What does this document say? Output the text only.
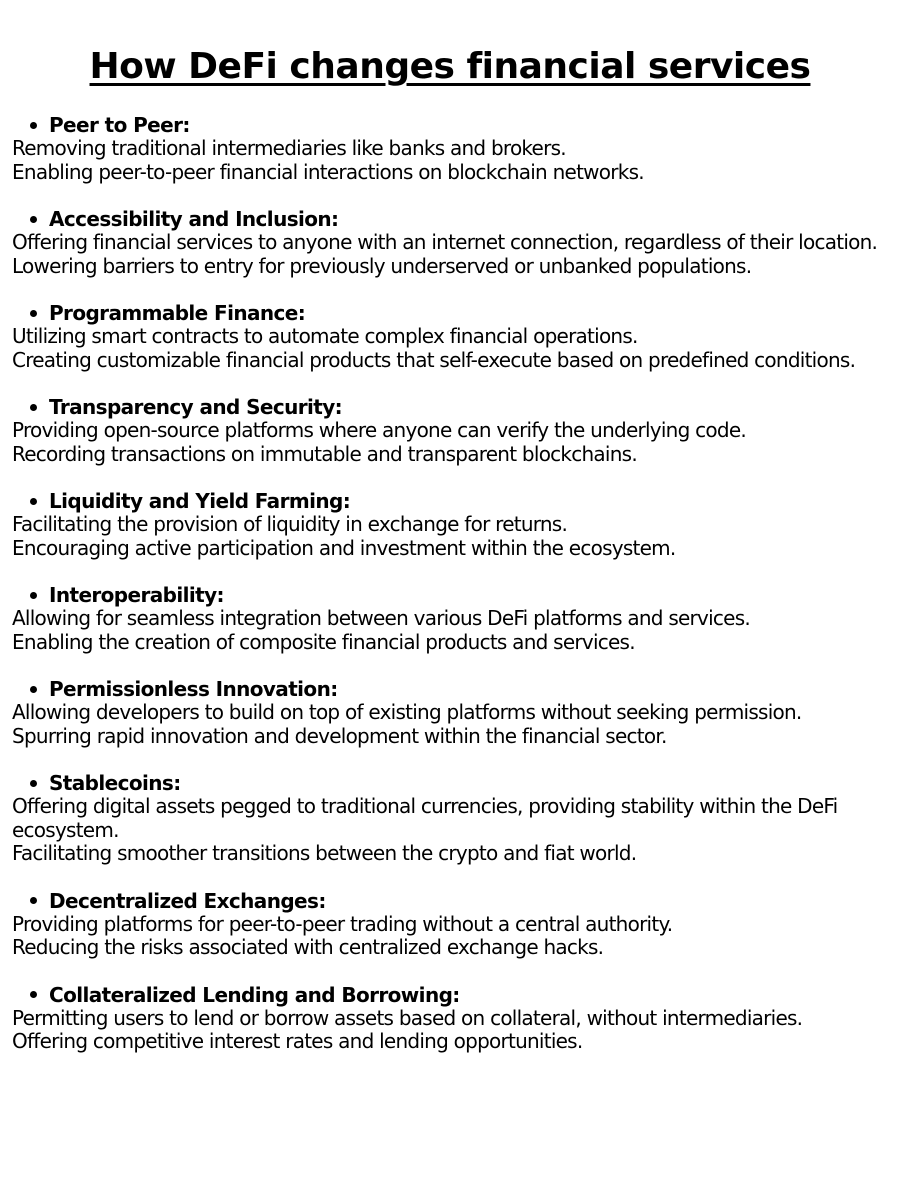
How DeFi changes financial services
Peer to Peer:

Removing traditional intermediaries like banks and brokers.

Enabling peer-to-peer financial interactions on blockchain networks.

Accessibility and Inclusion:

Offering financial services to anyone with an internet connection, regardless of their location.

Lowering barriers to entry for previously underserved or unbanked populations.

Programmable Finance:

Utilizing smart contracts to automate complex financial operations.

Creating customizable financial products that self-execute based on predefined conditions.

Transparency and Security:

Providing open-source platforms where anyone can verify the underlying code.

Recording transactions on immutable and transparent blockchains.

Liquidity and Yield Farming:

Facilitating the provision of liquidity in exchange for returns.

Encouraging active participation and investment within the ecosystem.

Interoperability:

Allowing for seamless integration between various DeFi platforms and services.

Enabling the creation of composite financial products and services.

Permissionless Innovation:

Allowing developers to build on top of existing platforms without seeking permission.

Spurring rapid innovation and development within the financial sector.

Stablecoins:

Offering digital assets pegged to traditional currencies, providing stability within the DeFi ecosystem.

Facilitating smoother transitions between the crypto and fiat world.

Decentralized Exchanges:

Providing platforms for peer-to-peer trading without a central authority.

Reducing the risks associated with centralized exchange hacks.

Collateralized Lending and Borrowing:

Permitting users to lend or borrow assets based on collateral, without intermediaries.

Offering competitive interest rates and lending opportunities.
